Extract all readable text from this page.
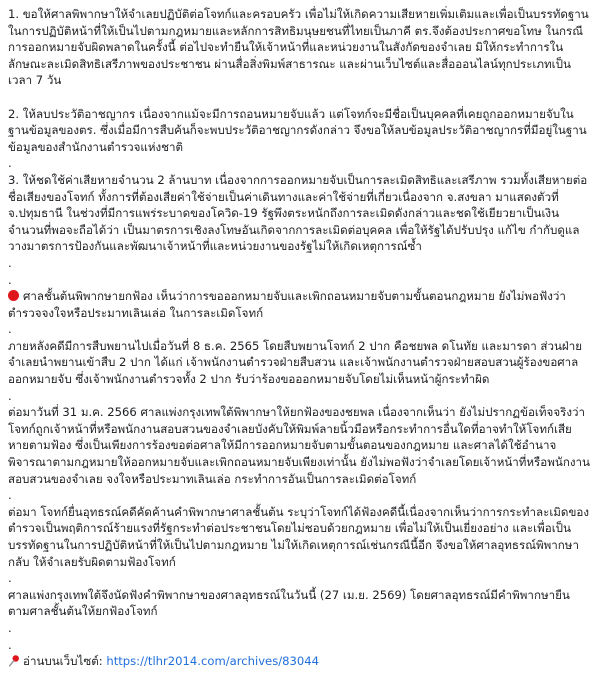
1. ขอให้ศาลพิพากษาให้จำเลยปฏิบัติต่อโจทก์และครอบครัว เพื่อไม่ให้เกิดความเสียหายเพิ่มเติมและเพื่อเป็นบรรทัดฐานในการปฏิบัติหน้าที่ให้เป็นไปตามกฎหมายและหลักการสิทธิมนุษยชนที่ไทยเป็นภาคี ตร.จึงต้องประกาศขอโทษ ในกรณีการออกหมายจับผิดพลาดในครั้งนี้ ต่อไปจะทำยืนให้เจ้าหน้าที่และหน่วยงานในสังกัดของจำเลย มิให้กระทำการในลักษณะละเมิดสิทธิเสรีภาพของประชาชน ผ่านสื่อสิ่งพิมพ์สาธารณะ และผ่านเว็บไซต์และสื่อออนไลน์ทุกประเภทเป็นเวลา 7 วัน

2. ให้ลบประวัติอาชญากร เนื่องจากแม้จะมีการถอนหมายจับแล้ว แต่โจทก์จะมีชื่อเป็นบุคคลที่เคยถูกออกหมายจับในฐานข้อมูลของตร. ซึ่งเมื่อมีการสืบค้นก็จะพบประวัติอาชญากรดังกล่าว จึงขอให้ลบข้อมูลประวัติอาชญากรที่มีอยู่ในฐานข้อมูลของสำนักงานตำรวจแห่งชาติ

.

3. ให้ชดใช้ค่าเสียหายจำนวน 2 ล้านบาท เนื่องจากการออกหมายจับเป็นการละเมิดสิทธิและเสรีภาพ รวมทั้งเสียหายต่อชื่อเสียงของโจทก์ ทั้งการที่ต้องเสียค่าใช้จ่ายเป็นค่าเดินทางและค่าใช้จ่ายที่เกี่ยวเนื่องจาก จ.สงขลา มาแสดงตัวที่ จ.ปทุมธานี ในช่วงที่มีการแพร่ระบาดของโควิด-19 รัฐพึงตระหนักถึงการละเมิดดังกล่าวและชดใช้เยียวยาเป็นเงินจำนวนที่พอจะถือได้ว่า เป็นมาตรการเชิงลงโทษอันเกิดจากการละเมิดต่อบุคคล เพื่อให้รัฐได้ปรับปรุง แก้ไข กำกับดูแล วางมาตรการป้องกันและพัฒนาเจ้าหน้าที่และหน่วยงานของรัฐไม่ให้เกิดเหตุการณ์ซ้ำ

.
.

ศาลชั้นต้นพิพากษายกฟ้อง เห็นว่าการขอออกหมายจับและเพิกถอนหมายจับตามขั้นตอนกฎหมาย ยังไม่พอฟังว่าตำรวจจงใจหรือประมาทเลินเล่อ ในการละเมิดโจทก์

.

ภายหลังคดีมีการสืบพยานไปเมื่อวันที่ 8 ธ.ค. 2565 โดยสืบพยานโจทก์ 2 ปาก คือชยพล ดโนทัย และมารดา ส่วนฝ่ายจำเลยนำพยานเข้าสืบ 2 ปาก ได้แก่ เจ้าพนักงานตำรวจฝ่ายสืบสวน และเจ้าพนักงานตำรวจฝ่ายสอบสวนผู้ร้องขอศาลออกหมายจับ ซึ่งเจ้าพนักงานตำรวจทั้ง 2 ปาก รับว่าร้องขอออกหมายจับโดยไม่เห็นหน้าผู้กระทำผิด

.

ต่อมาวันที่ 31 ม.ค. 2566 ศาลแพ่งกรุงเทพใต้พิพากษาให้ยกฟ้องของชยพล เนื่องจากเห็นว่า ยังไม่ปรากฏข้อเท็จจริงว่าโจทก์ถูกเจ้าหน้าที่หรือพนักงานสอบสวนของจำเลยบังคับให้พิมพ์ลายนิ้วมือหรือกระทำการอื่นใดที่อาจทำให้โจทก์เสียหายตามฟ้อง ซึ่งเป็นเพียงการร้องขอต่อศาลให้มีการออกหมายจับตามขั้นตอนของกฎหมาย และศาลได้ใช้อำนาจพิจารณาตามกฎหมายให้ออกหมายจับและเพิกถอนหมายจับเพียงเท่านั้น ยังไม่พอฟังว่าจำเลยโดยเจ้าหน้าที่หรือพนักงานสอบสวนของจำเลย จงใจหรือประมาทเลินเล่อ กระทำการอันเป็นการละเมิดต่อโจทก์

.

ต่อมา โจทก์ยื่นอุทธรณ์คดีคัดค้านคำพิพากษาศาลชั้นต้น ระบุว่าโจทก์ได้ฟ้องคดีนี้เนื่องจากเห็นว่าการกระทำละเมิดของตำรวจเป็นพฤติการณ์ร้ายแรงที่รัฐกระทำต่อประชาชนโดยไม่ชอบด้วยกฎหมาย เพื่อไม่ให้เป็นเยี่ยงอย่าง และเพื่อเป็นบรรทัดฐานในการปฏิบัติหน้าที่ให้เป็นไปตามกฎหมาย ไม่ให้เกิดเหตุการณ์เช่นกรณีนี้อีก จึงขอให้ศาลอุทธรณ์พิพากษากลับ ให้จำเลยรับผิดตามฟ้องโจทก์

.

ศาลแพ่งกรุงเทพใต้จึงนัดฟังคำพิพากษาของศาลอุทธรณ์ในวันนี้ (27 เม.ย. 2569) โดยศาลอุทธรณ์มีคำพิพากษายืนตามศาลชั้นต้นให้ยกฟ้องโจทก์

.
.

อ่านบนเว็บไซต์: https://tlhr2014.com/archives/83044
